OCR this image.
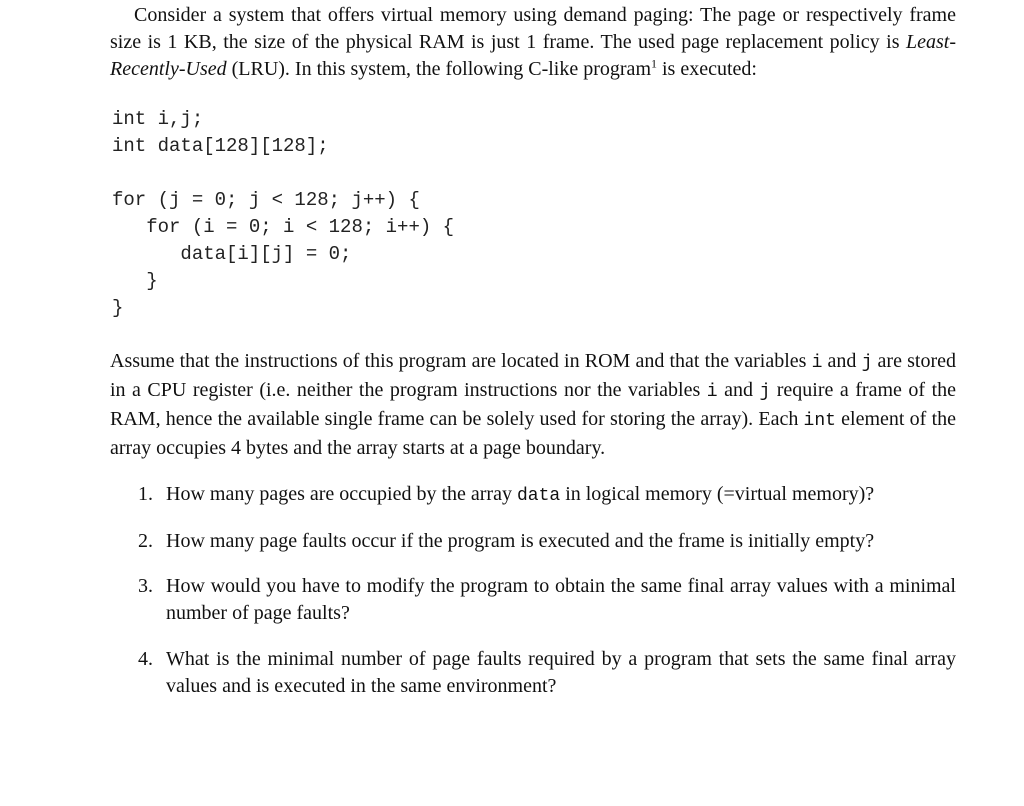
Consider a system that offers virtual memory using demand paging: The page or respectively frame size is 1 KB, the size of the physical RAM is just 1 frame. The used page replacement policy is Least-Recently-Used (LRU). In this system, the following C-like program$^1$ is executed:

int i,j;
int data[128][128];
for (j = 0; j < 128; j++) {
for (i = 0; i < 128; i++) {
data[i][j] = 0;
}
}

Assume that the instructions of this program are located in ROM and that the variables i and j are stored in a CPU register (i.e. neither the program instructions nor the variables i and j require a frame of the RAM, hence the available single frame can be solely used for storing the array). Each int element of the array occupies 4 bytes and the array starts at a page boundary.

1. How many pages are occupied by the array data in logical memory (=virtual memory)?
2. How many page faults occur if the program is executed and the frame is initially empty?
3. How would you have to modify the program to obtain the same final array values with a minimal number of page faults?
4. What is the minimal number of page faults required by a program that sets the same final array values and is executed in the same environment?
